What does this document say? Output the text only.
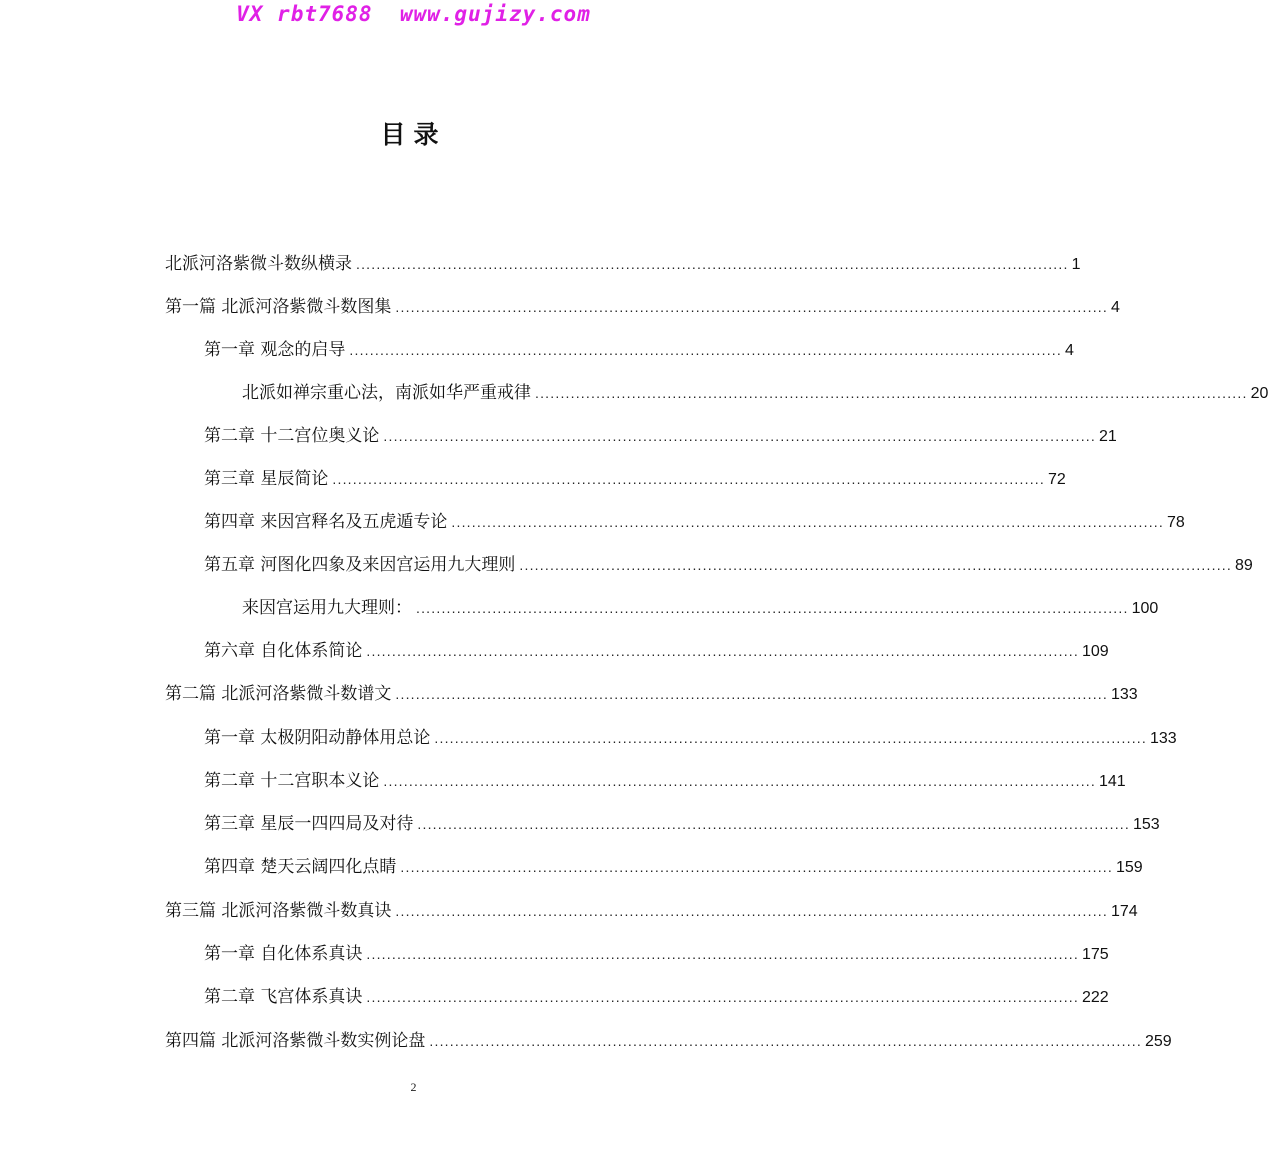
VX rbt7688  www.gujizy.com
目录
北派河洛紫微斗数纵横录 ............................................................................................................................................ 1
第一篇 北派河洛紫微斗数图集 ............................................................................................................................................ 4
第一章 观念的启导 ............................................................................................................................................ 4
北派如禅宗重心法，南派如华严重戒律 ............................................................................................................................................ 20
第二章 十二宫位奥义论 ............................................................................................................................................ 21
第三章 星辰简论 ............................................................................................................................................ 72
第四章 来因宫释名及五虎遁专论 ............................................................................................................................................ 78
第五章 河图化四象及来因宫运用九大理则 ............................................................................................................................................ 89
来因宫运用九大理则： ............................................................................................................................................ 100
第六章 自化体系简论 ............................................................................................................................................ 109
第二篇 北派河洛紫微斗数谱文 ............................................................................................................................................ 133
第一章 太极阴阳动静体用总论 ............................................................................................................................................ 133
第二章 十二宫职本义论 ............................................................................................................................................ 141
第三章 星辰一四四局及对待 ............................................................................................................................................ 153
第四章 楚天云阔四化点睛 ............................................................................................................................................ 159
第三篇 北派河洛紫微斗数真诀 ............................................................................................................................................ 174
第一章 自化体系真诀 ............................................................................................................................................ 175
第二章 飞宫体系真诀 ............................................................................................................................................ 222
第四篇 北派河洛紫微斗数实例论盘 ............................................................................................................................................ 259
2
